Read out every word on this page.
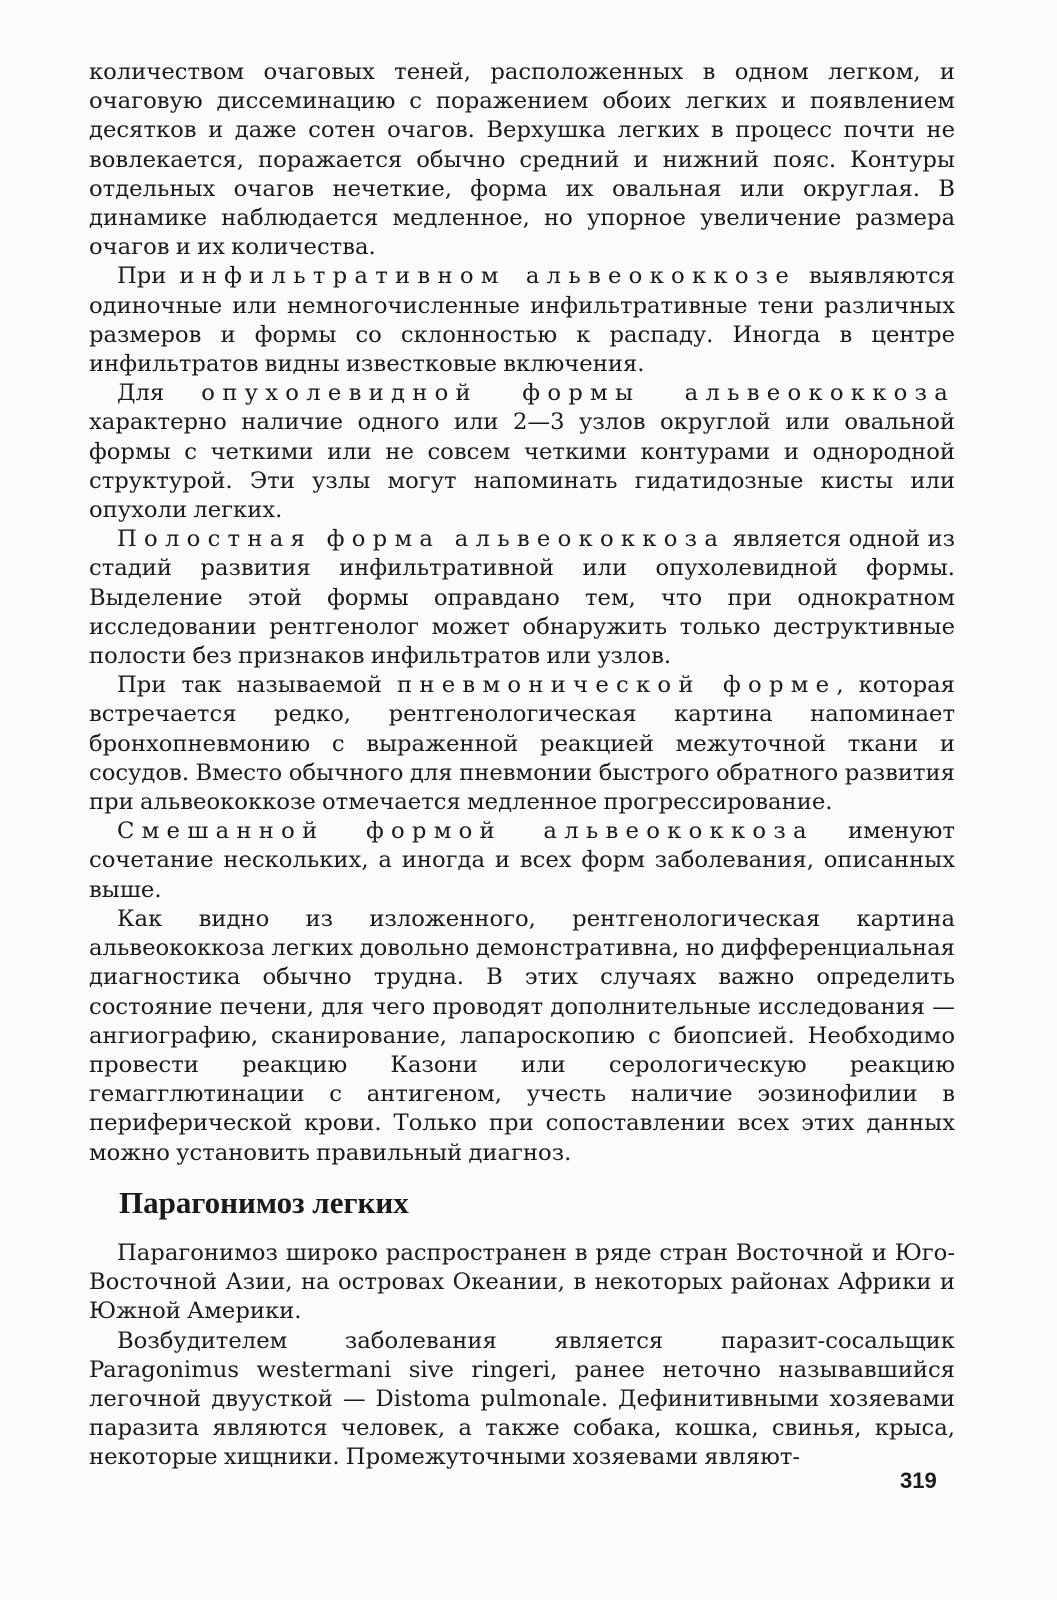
количеством очаговых теней, расположенных в одном легком, и очаговую диссеминацию с поражением обоих легких и появлением десятков и даже сотен очагов. Верхушка легких в процесс почти не вовлекается, поражается обычно средний и нижний пояс. Контуры отдельных очагов нечеткие, форма их овальная или округлая. В динамике наблюдается медленное, но упорное увеличение размера очагов и их количества.

При инфильтративном альвеококкозе выявляются одиночные или немногочисленные инфильтративные тени различных размеров и формы со склонностью к распаду. Иногда в центре инфильтратов видны известковые включения.

Для опухолевидной формы альвеококкоза характерно наличие одного или 2—3 узлов округлой или овальной формы с четкими или не совсем четкими контурами и однородной структурой. Эти узлы могут напоминать гидатидозные кисты или опухоли легких.

Полостная форма альвеококкоза является одной из стадий развития инфильтративной или опухолевидной формы. Выделение этой формы оправдано тем, что при однократном исследовании рентгенолог может обнаружить только деструктивные полости без признаков инфильтратов или узлов.

При так называемой пневмонической форме, которая встречается редко, рентгенологическая картина напоминает бронхопневмонию с выраженной реакцией межуточной ткани и сосудов. Вместо обычного для пневмонии быстрого обратного развития при альвеококкозе отмечается медленное прогрессирование.

Смешанной формой альвеококкоза именуют сочетание нескольких, а иногда и всех форм заболевания, описанных выше.

Как видно из изложенного, рентгенологическая картина альвеококкоза легких довольно демонстративна, но дифференциальная диагностика обычно трудна. В этих случаях важно определить состояние печени, для чего проводят дополнительные исследования — ангиографию, сканирование, лапароскопию с биопсией. Необходимо провести реакцию Казони или серологическую реакцию гемагглютинации с антигеном, учесть наличие эозинофилии в периферической крови. Только при сопоставлении всех этих данных можно установить правильный диагноз.

Парагонимоз легких

Парагонимоз широко распространен в ряде стран Восточной и Юго-Восточной Азии, на островах Океании, в некоторых районах Африки и Южной Америки.

Возбудителем заболевания является паразит-сосальщик Paragonimus westermani sive ringeri, ранее неточно называвшийся легочной двуусткой — Distoma pulmonale. Дефинитивными хозяевами паразита являются человек, а также собака, кошка, свинья, крыса, некоторые хищники. Промежуточными хозяевами являют-

319
